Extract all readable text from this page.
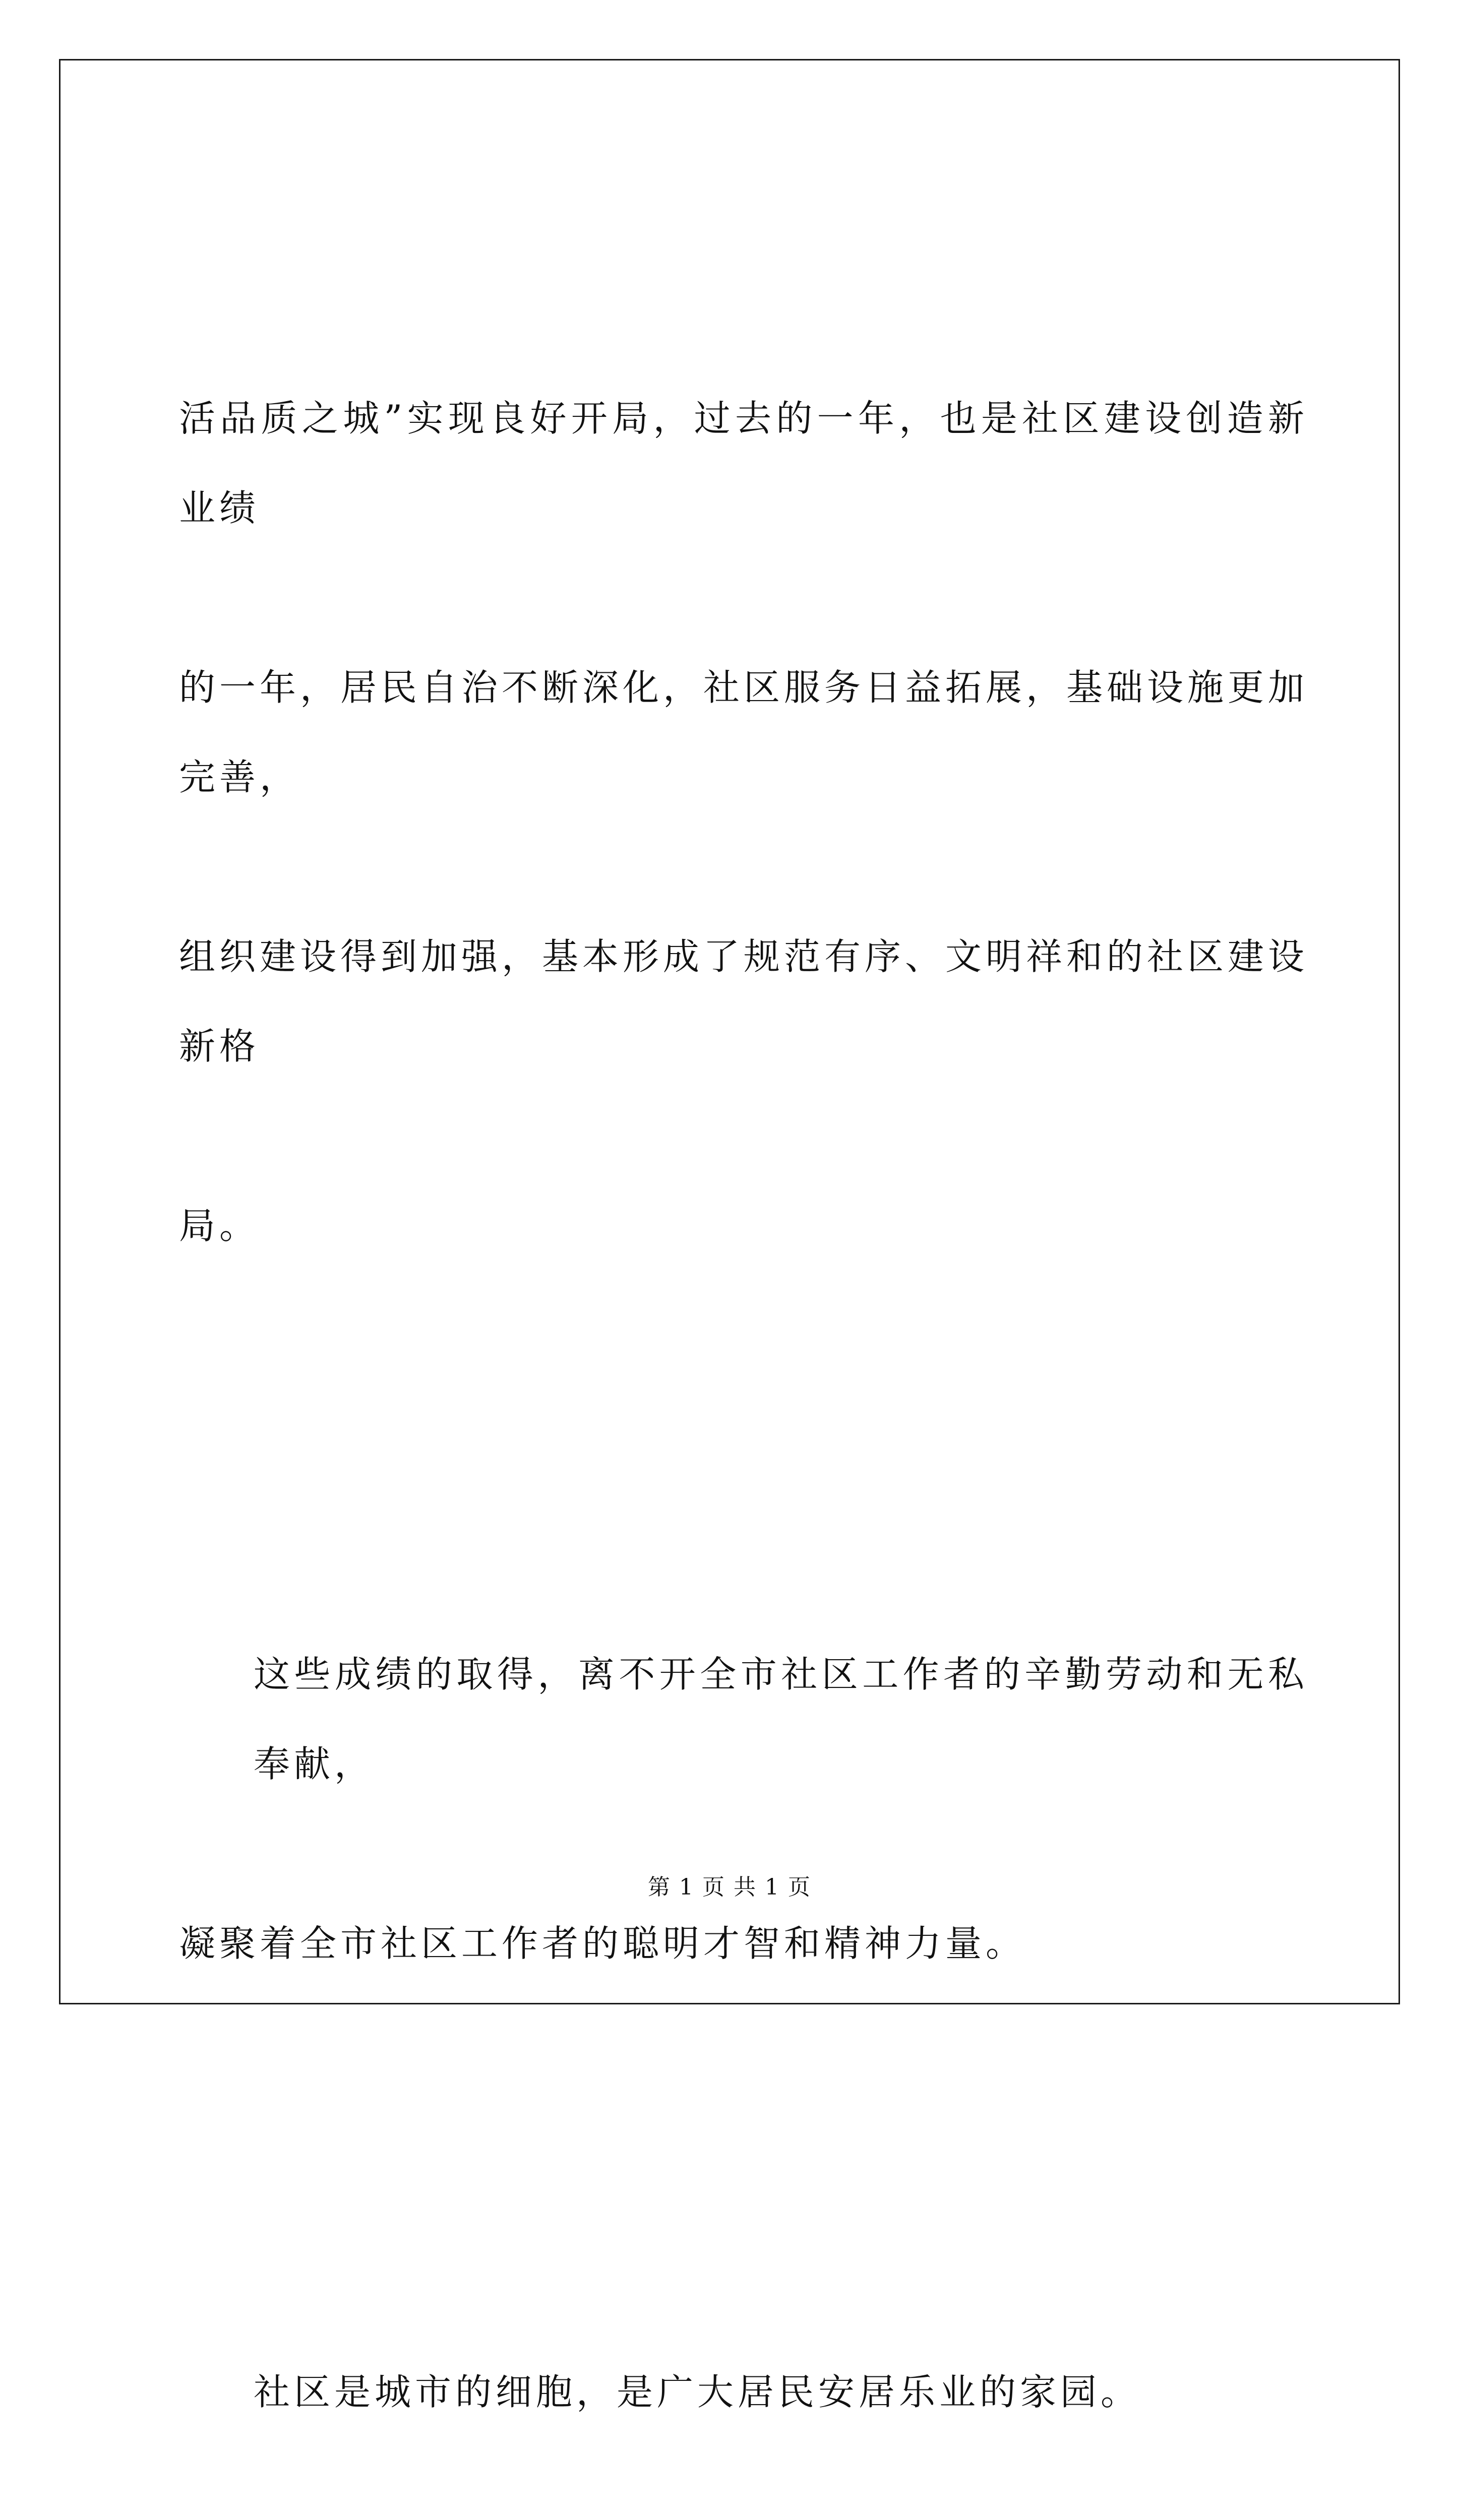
活品质之城”实现良好开局，过去的一年，也是社区建设创造新业绩

的一年，居民自治不断深化，社区服务日益拓展，基础设施更加完善，

组织建设得到加强，基本形成了规范有序、文明祥和的社区建设新格

局。

这些成绩的取得，离不开全市社区工作者的辛勤劳动和无私奉献，

凝聚着全市社区工作者的聪明才智和精神力量。

社区是城市的细胞，是广大居民安居乐业的家园。

第 1 页 共 1 页
